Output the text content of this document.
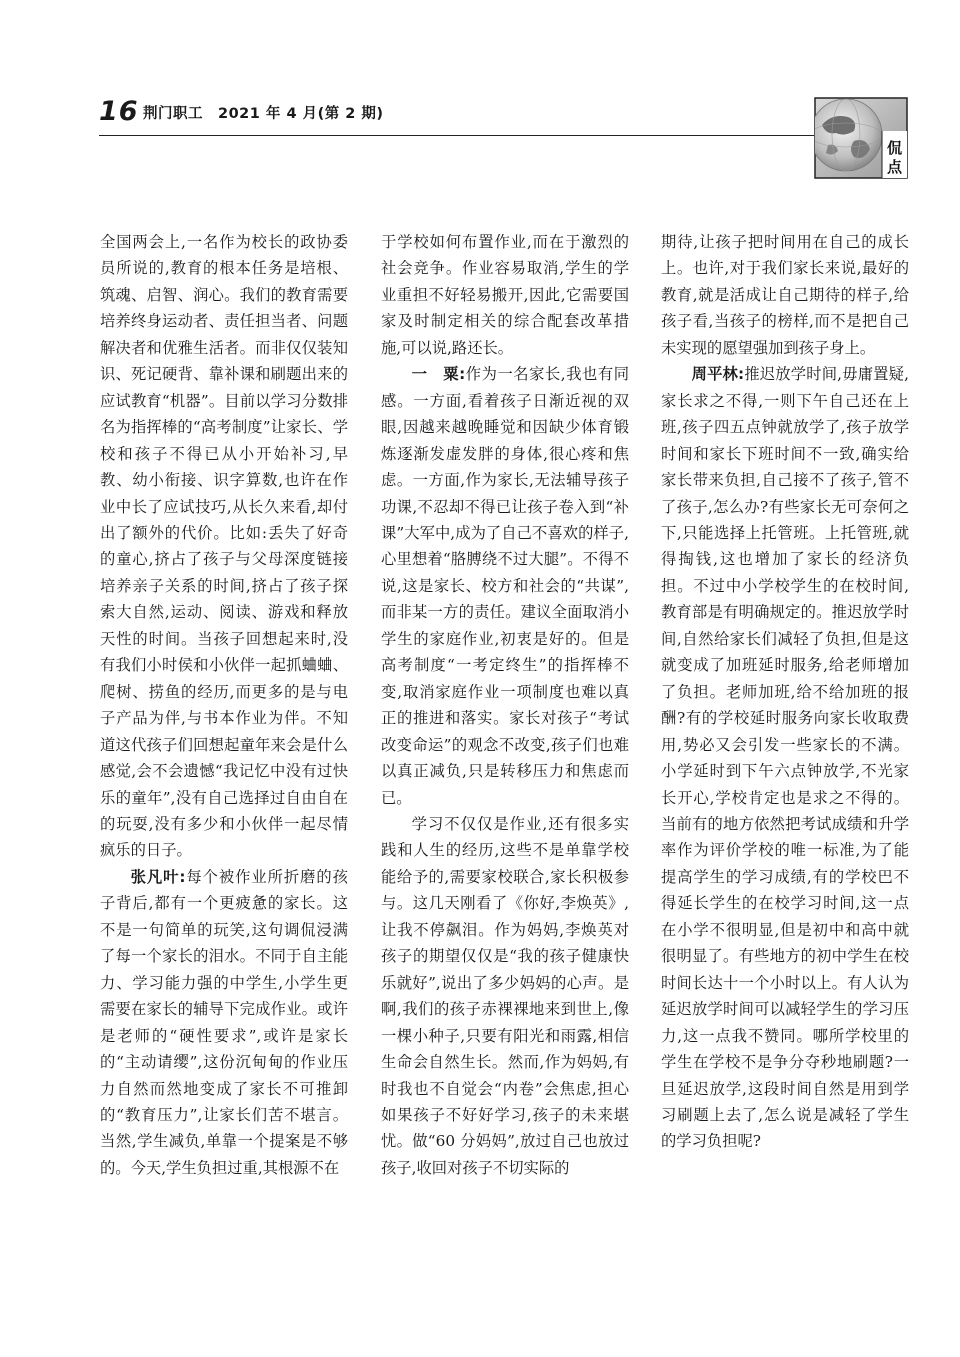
16 荆门职工　2021 年 4 月(第 2 期)
侃
点

全国两会上,一名作为校长的政协委员所说的,教育的根本任务是培根、筑魂、启智、润心。我们的教育需要培养终身运动者、责任担当者、问题解决者和优雅生活者。而非仅仅装知识、死记硬背、靠补课和刷题出来的应试教育“机器”。目前以学习分数排名为指挥棒的“高考制度”让家长、学校和孩子不得已从小开始补习,早教、幼小衔接、识字算数,也许在作业中长了应试技巧,从长久来看,却付出了额外的代价。比如:丢失了好奇的童心,挤占了孩子与父母深度链接培养亲子关系的时间,挤占了孩子探索大自然,运动、阅读、游戏和释放天性的时间。当孩子回想起来时,没有我们小时侯和小伙伴一起抓蛐蛐、爬树、捞鱼的经历,而更多的是与电子产品为伴,与书本作业为伴。不知道这代孩子们回想起童年来会是什么感觉,会不会遗憾“我记忆中没有过快乐的童年”,没有自己选择过自由自在的玩耍,没有多少和小伙伴一起尽情疯乐的日子。

张凡叶:每个被作业所折磨的孩子背后,都有一个更疲惫的家长。这不是一句简单的玩笑,这句调侃浸满了每一个家长的泪水。不同于自主能力、学习能力强的中学生,小学生更需要在家长的辅导下完成作业。或许是老师的“硬性要求”,或许是家长的“主动请缨”,这份沉甸甸的作业压力自然而然地变成了家长不可推卸的“教育压力”,让家长们苦不堪言。当然,学生减负,单靠一个提案是不够的。今天,学生负担过重,其根源不在

于学校如何布置作业,而在于激烈的社会竞争。作业容易取消,学生的学业重担不好轻易搬开,因此,它需要国家及时制定相关的综合配套改革措施,可以说,路还长。

一　粟:作为一名家长,我也有同感。一方面,看着孩子日渐近视的双眼,因越来越晚睡觉和因缺少体育锻炼逐渐发虚发胖的身体,很心疼和焦虑。一方面,作为家长,无法辅导孩子功课,不忍却不得已让孩子卷入到“补课”大军中,成为了自己不喜欢的样子,心里想着“胳膊绕不过大腿”。不得不说,这是家长、校方和社会的“共谋”,而非某一方的责任。建议全面取消小学生的家庭作业,初衷是好的。但是高考制度“一考定终生”的指挥棒不变,取消家庭作业一项制度也难以真正的推进和落实。家长对孩子“考试改变命运”的观念不改变,孩子们也难以真正减负,只是转移压力和焦虑而已。

学习不仅仅是作业,还有很多实践和人生的经历,这些不是单靠学校能给予的,需要家校联合,家长积极参与。这几天刚看了《你好,李焕英》,让我不停飙泪。作为妈妈,李焕英对孩子的期望仅仅是“我的孩子健康快乐就好”,说出了多少妈妈的心声。是啊,我们的孩子赤裸裸地来到世上,像一棵小种子,只要有阳光和雨露,相信生命会自然生长。然而,作为妈妈,有时我也不自觉会“内卷”会焦虑,担心如果孩子不好好学习,孩子的未来堪忧。做“60 分妈妈”,放过自己也放过孩子,收回对孩子不切实际的

期待,让孩子把时间用在自己的成长上。也许,对于我们家长来说,最好的教育,就是活成让自己期待的样子,给孩子看,当孩子的榜样,而不是把自己未实现的愿望强加到孩子身上。

周平林:推迟放学时间,毋庸置疑,家长求之不得,一则下午自己还在上班,孩子四五点钟就放学了,孩子放学时间和家长下班时间不一致,确实给家长带来负担,自己接不了孩子,管不了孩子,怎么办?有些家长无可奈何之下,只能选择上托管班。上托管班,就得掏钱,这也增加了家长的经济负担。不过中小学校学生的在校时间,教育部是有明确规定的。推迟放学时间,自然给家长们减轻了负担,但是这就变成了加班延时服务,给老师增加了负担。老师加班,给不给加班的报酬?有的学校延时服务向家长收取费用,势必又会引发一些家长的不满。小学延时到下午六点钟放学,不光家长开心,学校肯定也是求之不得的。当前有的地方依然把考试成绩和升学率作为评价学校的唯一标准,为了能提高学生的学习成绩,有的学校巴不得延长学生的在校学习时间,这一点在小学不很明显,但是初中和高中就很明显了。有些地方的初中学生在校时间长达十一个小时以上。有人认为延迟放学时间可以减轻学生的学习压力,这一点我不赞同。哪所学校里的学生在学校不是争分夺秒地刷题?一旦延迟放学,这段时间自然是用到学习刷题上去了,怎么说是减轻了学生的学习负担呢?
